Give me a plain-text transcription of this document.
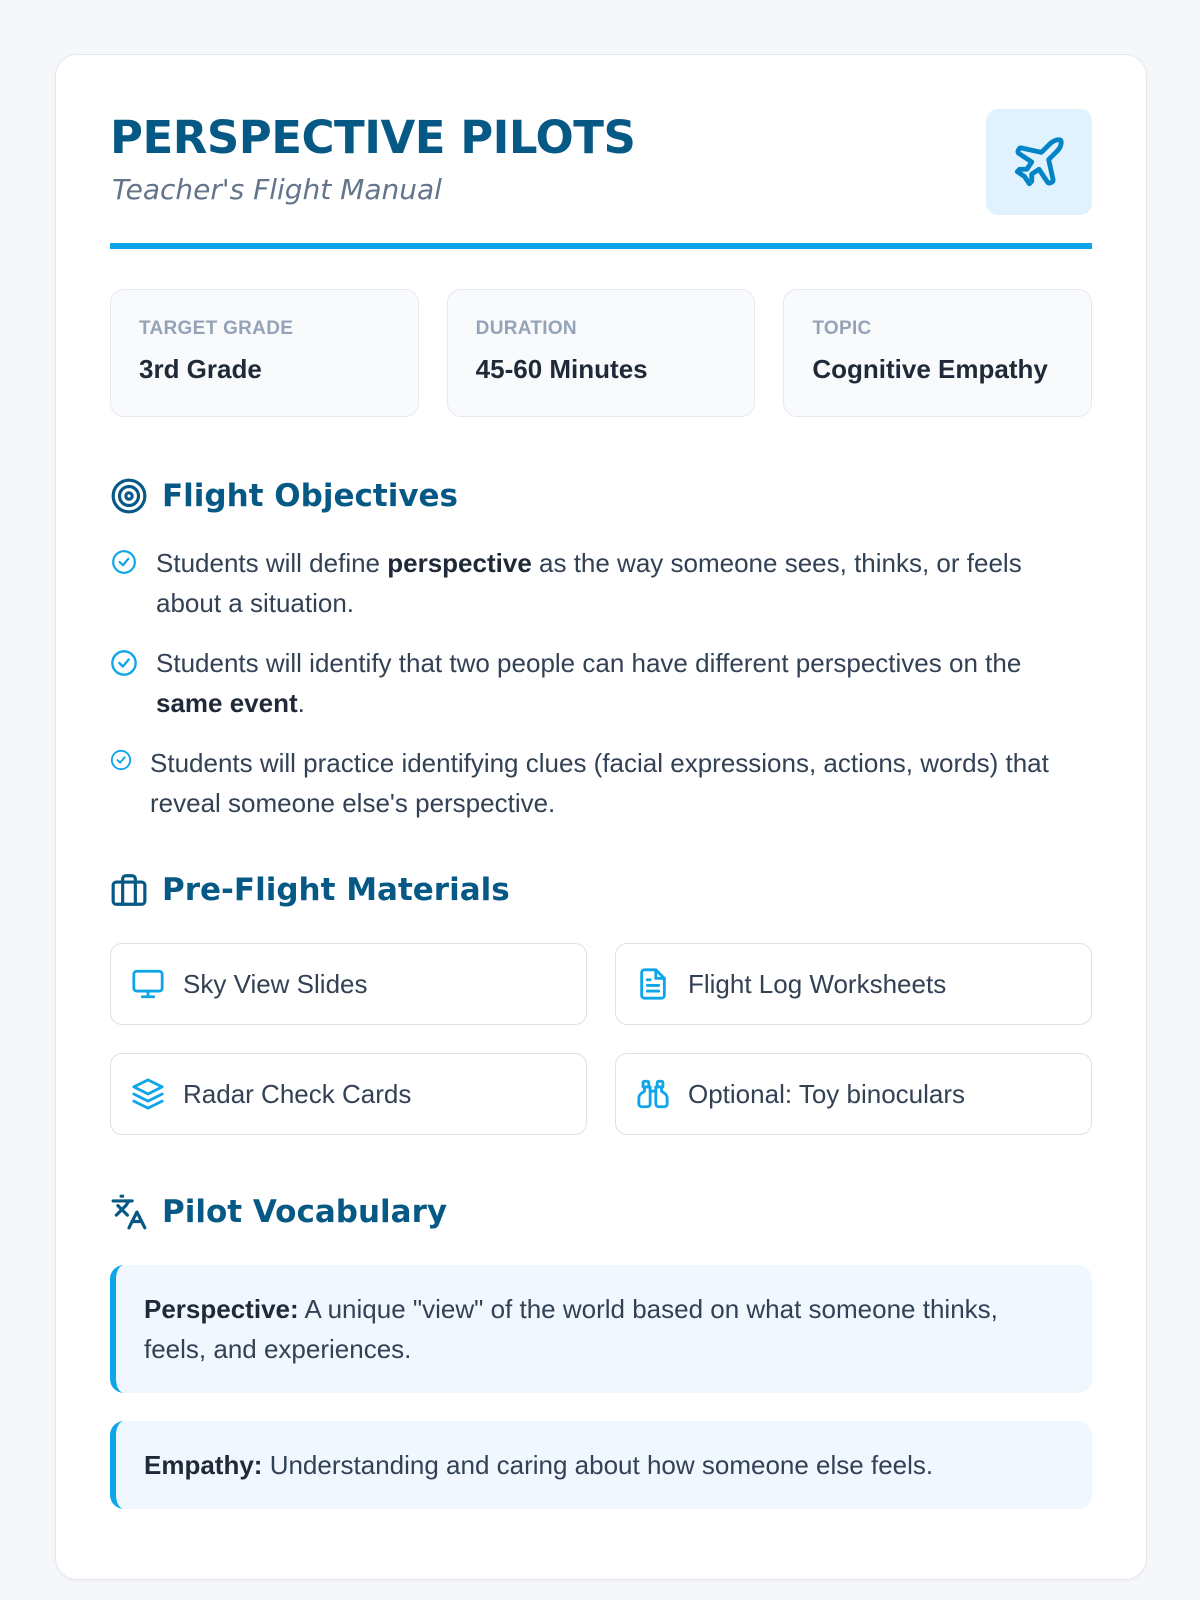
PERSPECTIVE PILOTS
Teacher's Flight Manual
TARGET GRADE
3rd Grade
DURATION
45-60 Minutes
TOPIC
Cognitive Empathy
Flight Objectives
Students will define perspective as the way someone sees, thinks, or feels about a situation.
Students will identify that two people can have different perspectives on the same event.
Students will practice identifying clues (facial expressions, actions, words) that reveal someone else's perspective.
Pre-Flight Materials
Sky View Slides	Flight Log Worksheets
Radar Check Cards	Optional: Toy binoculars
Pilot Vocabulary
Perspective: A unique "view" of the world based on what someone thinks, feels, and experiences.
Empathy: Understanding and caring about how someone else feels.
